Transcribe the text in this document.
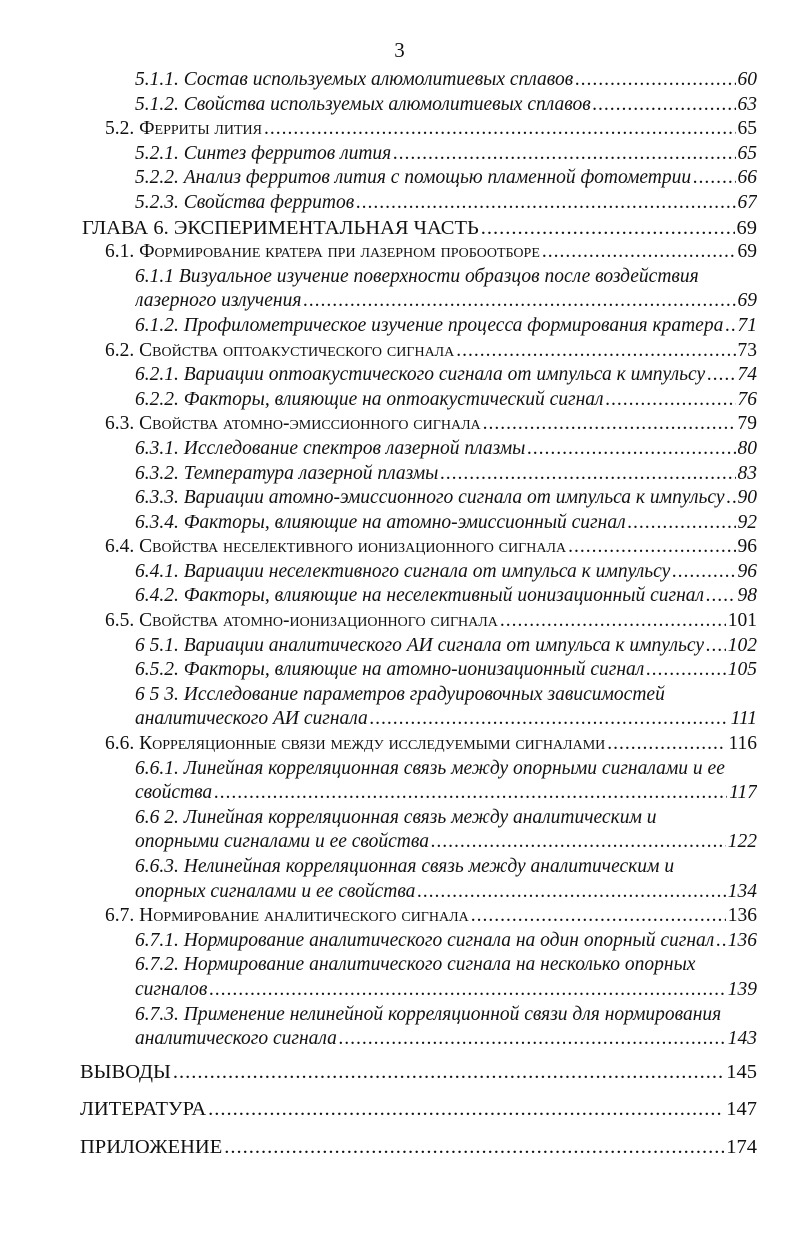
3
5.1.1. Состав используемых алюмолитиевых сплавов .....	60
5.1.2. Свойства используемых алюмолитиевых сплавов .....	63
5.2. Ферриты лития .....	65
5.2.1. Синтез ферритов лития .....	65
5.2.2. Анализ ферритов лития с помощью пламенной фотометрии ..... 66
5.2.3. Свойства ферритов .....	67
ГЛАВА 6. ЭКСПЕРИМЕНТАЛЬНАЯ ЧАСТЬ .....	69
6.1. Формирование кратера при лазерном пробоотборе .....	69
6.1.1 Визуальное изучение поверхности образцов после воздействия
лазерного излучения .....	69
6.1.2. Профилометрическое изучение процесса формирования кратера ..... 71
6.2. Свойства оптоакустического сигнала .....	73
6.2.1. Вариации оптоакустического сигнала от импульса к импульсу ..... 74
6.2.2. Факторы, влияющие на оптоакустический сигнал .....	76
6.3. Свойства атомно-эмиссионного сигнала .....	79
6.3.1. Исследование спектров лазерной плазмы .....	80
6.3.2. Температура лазерной плазмы .....	83
6.3.3. Вариации атомно-эмиссионного сигнала от импульса к импульсу ..... 90
6.3.4. Факторы, влияющие на атомно-эмиссионный сигнал .....	92
6.4. Свойства неселективного ионизационного сигнала .....	96
6.4.1. Вариации неселективного сигнала от импульса к импульсу .....	96
6.4.2. Факторы, влияющие на неселективный ионизационный сигнал ..... 98
6.5. Свойства атомно-ионизационного сигнала .....	101
6 5.1. Вариации аналитического АИ сигнала от импульса к импульсу ..... 102
6.5.2. Факторы, влияющие на атомно-ионизационный сигнал .....	105
6 5 3. Исследование параметров градуировочных зависимостей
аналитического АИ сигнала .....	111
6.6. Корреляционные связи между исследуемыми сигналами .....	116
6.6.1. Линейная корреляционная связь между опорными сигналами и ее
свойства .....	117
6.6 2. Линейная корреляционная связь между аналитическим и
опорными сигналами и ее свойства .....	122
6.6.3. Нелинейная корреляционная связь между аналитическим и
опорных сигналами и ее свойства .....	134
6.7. Нормирование аналитического сигнала .....	136
6.7.1. Нормирование аналитического сигнала на один опорный сигнал ..... 136
6.7.2. Нормирование аналитического сигнала на несколько опорных
сигналов .....	139
6.7.3. Применение нелинейной корреляционной связи для нормирования
аналитического сигнала .....	143
ВЫВОДЫ .....	145
ЛИТЕРАТУРА .....	147
ПРИЛОЖЕНИЕ .....	174
